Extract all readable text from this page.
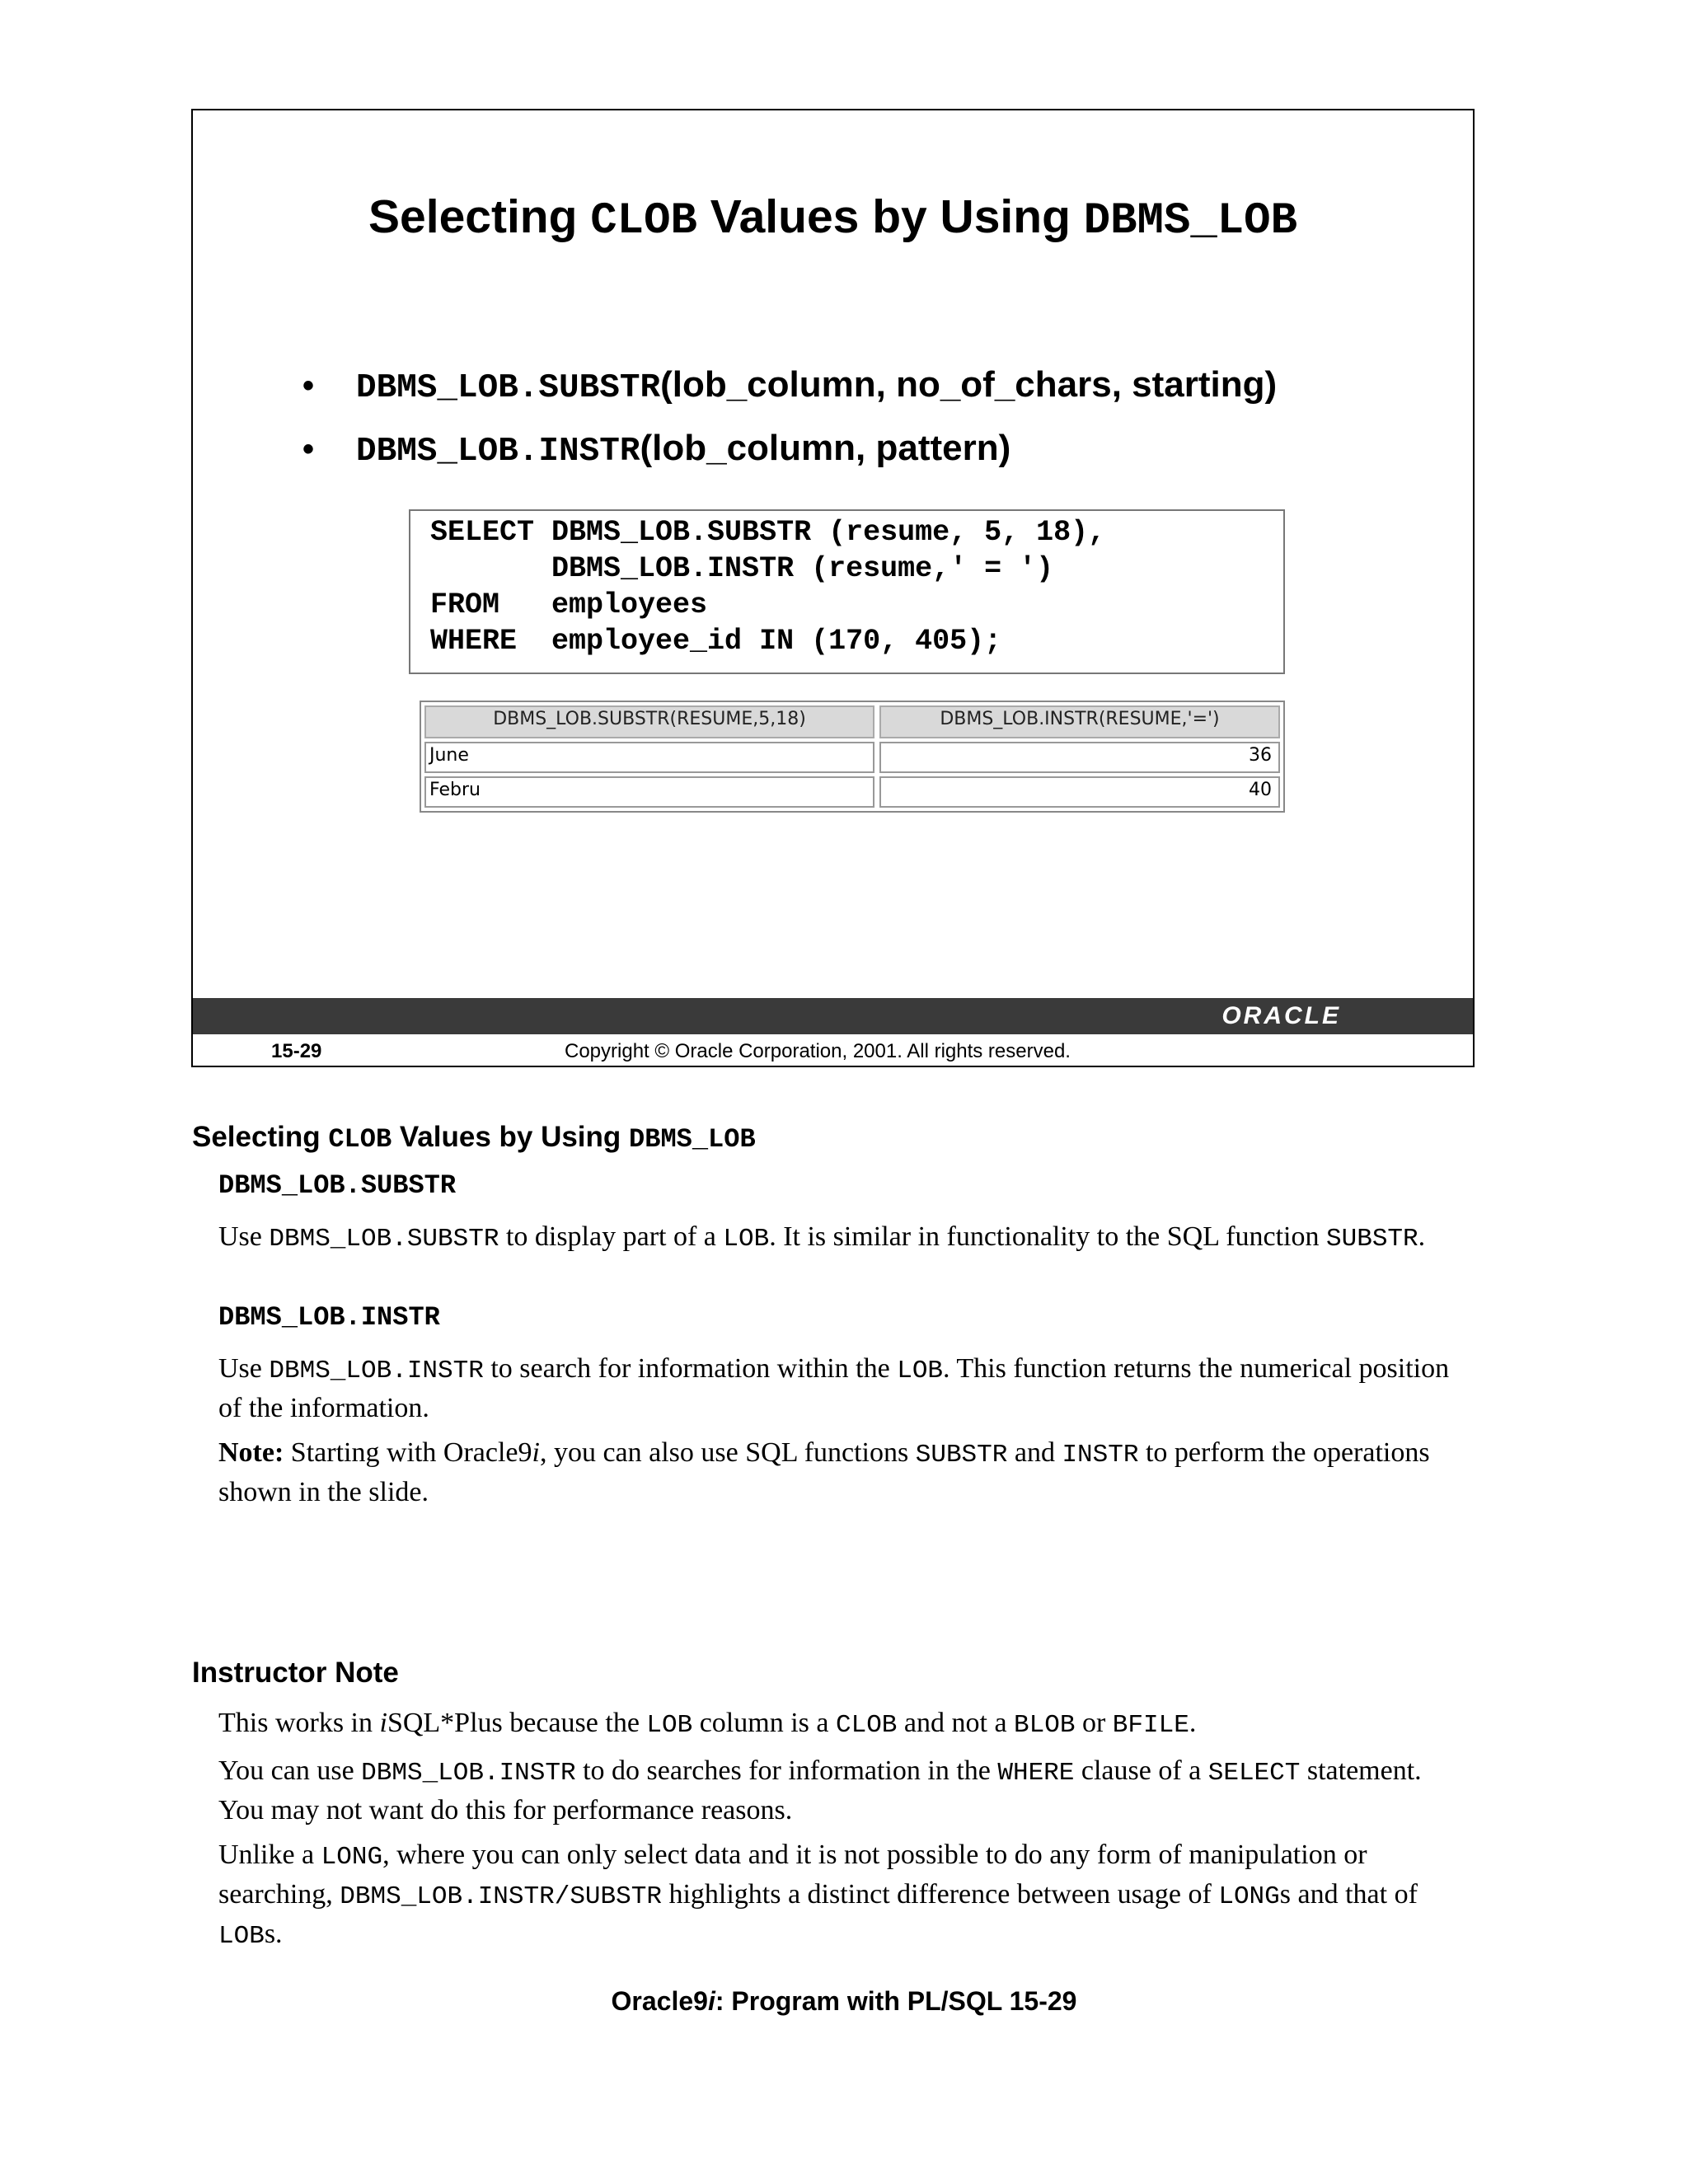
Selecting CLOB Values by Using DBMS_LOB
•	DBMS_LOB.SUBSTR (lob_column, no_of_chars, starting)
•	DBMS_LOB.INSTR (lob_column, pattern)
SELECT DBMS_LOB.SUBSTR (resume, 5, 18),
DBMS_LOB.INSTR (resume,' = ')
FROM   employees
WHERE  employee_id IN (170, 405);
DBMS_LOB.SUBSTR(RESUME,5,18)	DBMS_LOB.INSTR(RESUME,'=')
June	36
Febru	40
ORACLE
15-29	Copyright © Oracle Corporation, 2001. All rights reserved.
Selecting CLOB Values by Using DBMS_LOB
DBMS_LOB.SUBSTR
Use DBMS_LOB.SUBSTR to display part of a LOB. It is similar in functionality to the SQL function SUBSTR.
DBMS_LOB.INSTR
Use DBMS_LOB.INSTR to search for information within the LOB. This function returns the numerical position of the information.
Note: Starting with Oracle9i, you can also use SQL functions SUBSTR and INSTR to perform the operations shown in the slide.
Instructor Note
This works in iSQL*Plus because the LOB column is a CLOB and not a BLOB or BFILE.
You can use DBMS_LOB.INSTR to do searches for information in the WHERE clause of a SELECT statement. You may not want do this for performance reasons.
Unlike a LONG, where you can only select data and it is not possible to do any form of manipulation or searching, DBMS_LOB.INSTR/SUBSTR highlights a distinct difference between usage of LONGs and that of LOBs.
Oracle9i: Program with PL/SQL 15-29
